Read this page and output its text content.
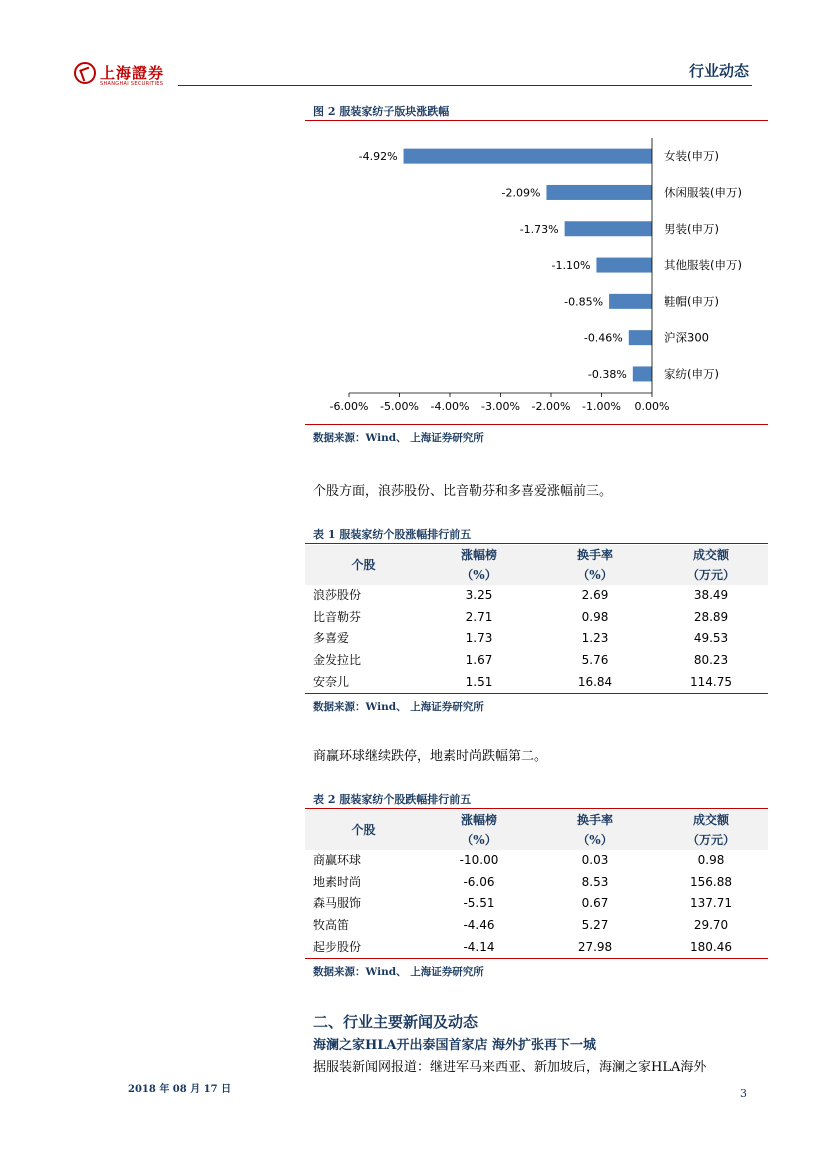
上海證券
SHANGHAI SECURITIES
行业动态
图 2 服装家纺子版块涨跌幅
-4.92%	女装(申万)
-2.09%	休闲服装(申万)
-1.73%	男装(申万)
-1.10%	其他服装(申万)
-0.85%	鞋帽(申万)
-0.46%	沪深300
-0.38%	家纺(申万)
-6.00% -5.00% -4.00% -3.00% -2.00% -1.00% 0.00%
数据来源：Wind、 上海证券研究所
个股方面，浪莎股份、比音勒芬和多喜爱涨幅前三。
表 1 服装家纺个股涨幅排行前五
个股	涨幅榜	换手率	成交额
	（%）	（%）	（万元）
浪莎股份	3.25	2.69	38.49
比音勒芬	2.71	0.98	28.89
多喜爱	1.73	1.23	49.53
金发拉比	1.67	5.76	80.23
安奈儿	1.51	16.84	114.75
数据来源：Wind、 上海证券研究所
商赢环球继续跌停，地素时尚跌幅第二。
表 2 服装家纺个股跌幅排行前五
个股	涨幅榜	换手率	成交额
	（%）	（%）	（万元）
商赢环球	-10.00	0.03	0.98
地素时尚	-6.06	8.53	156.88
森马服饰	-5.51	0.67	137.71
牧高笛	-4.46	5.27	29.70
起步股份	-4.14	27.98	180.46
数据来源：Wind、 上海证券研究所
二、行业主要新闻及动态
海澜之家HLA开出泰国首家店 海外扩张再下一城
据服装新闻网报道：继进军马来西亚、新加坡后，海澜之家HLA海外
2018 年 08 月 17 日	3
